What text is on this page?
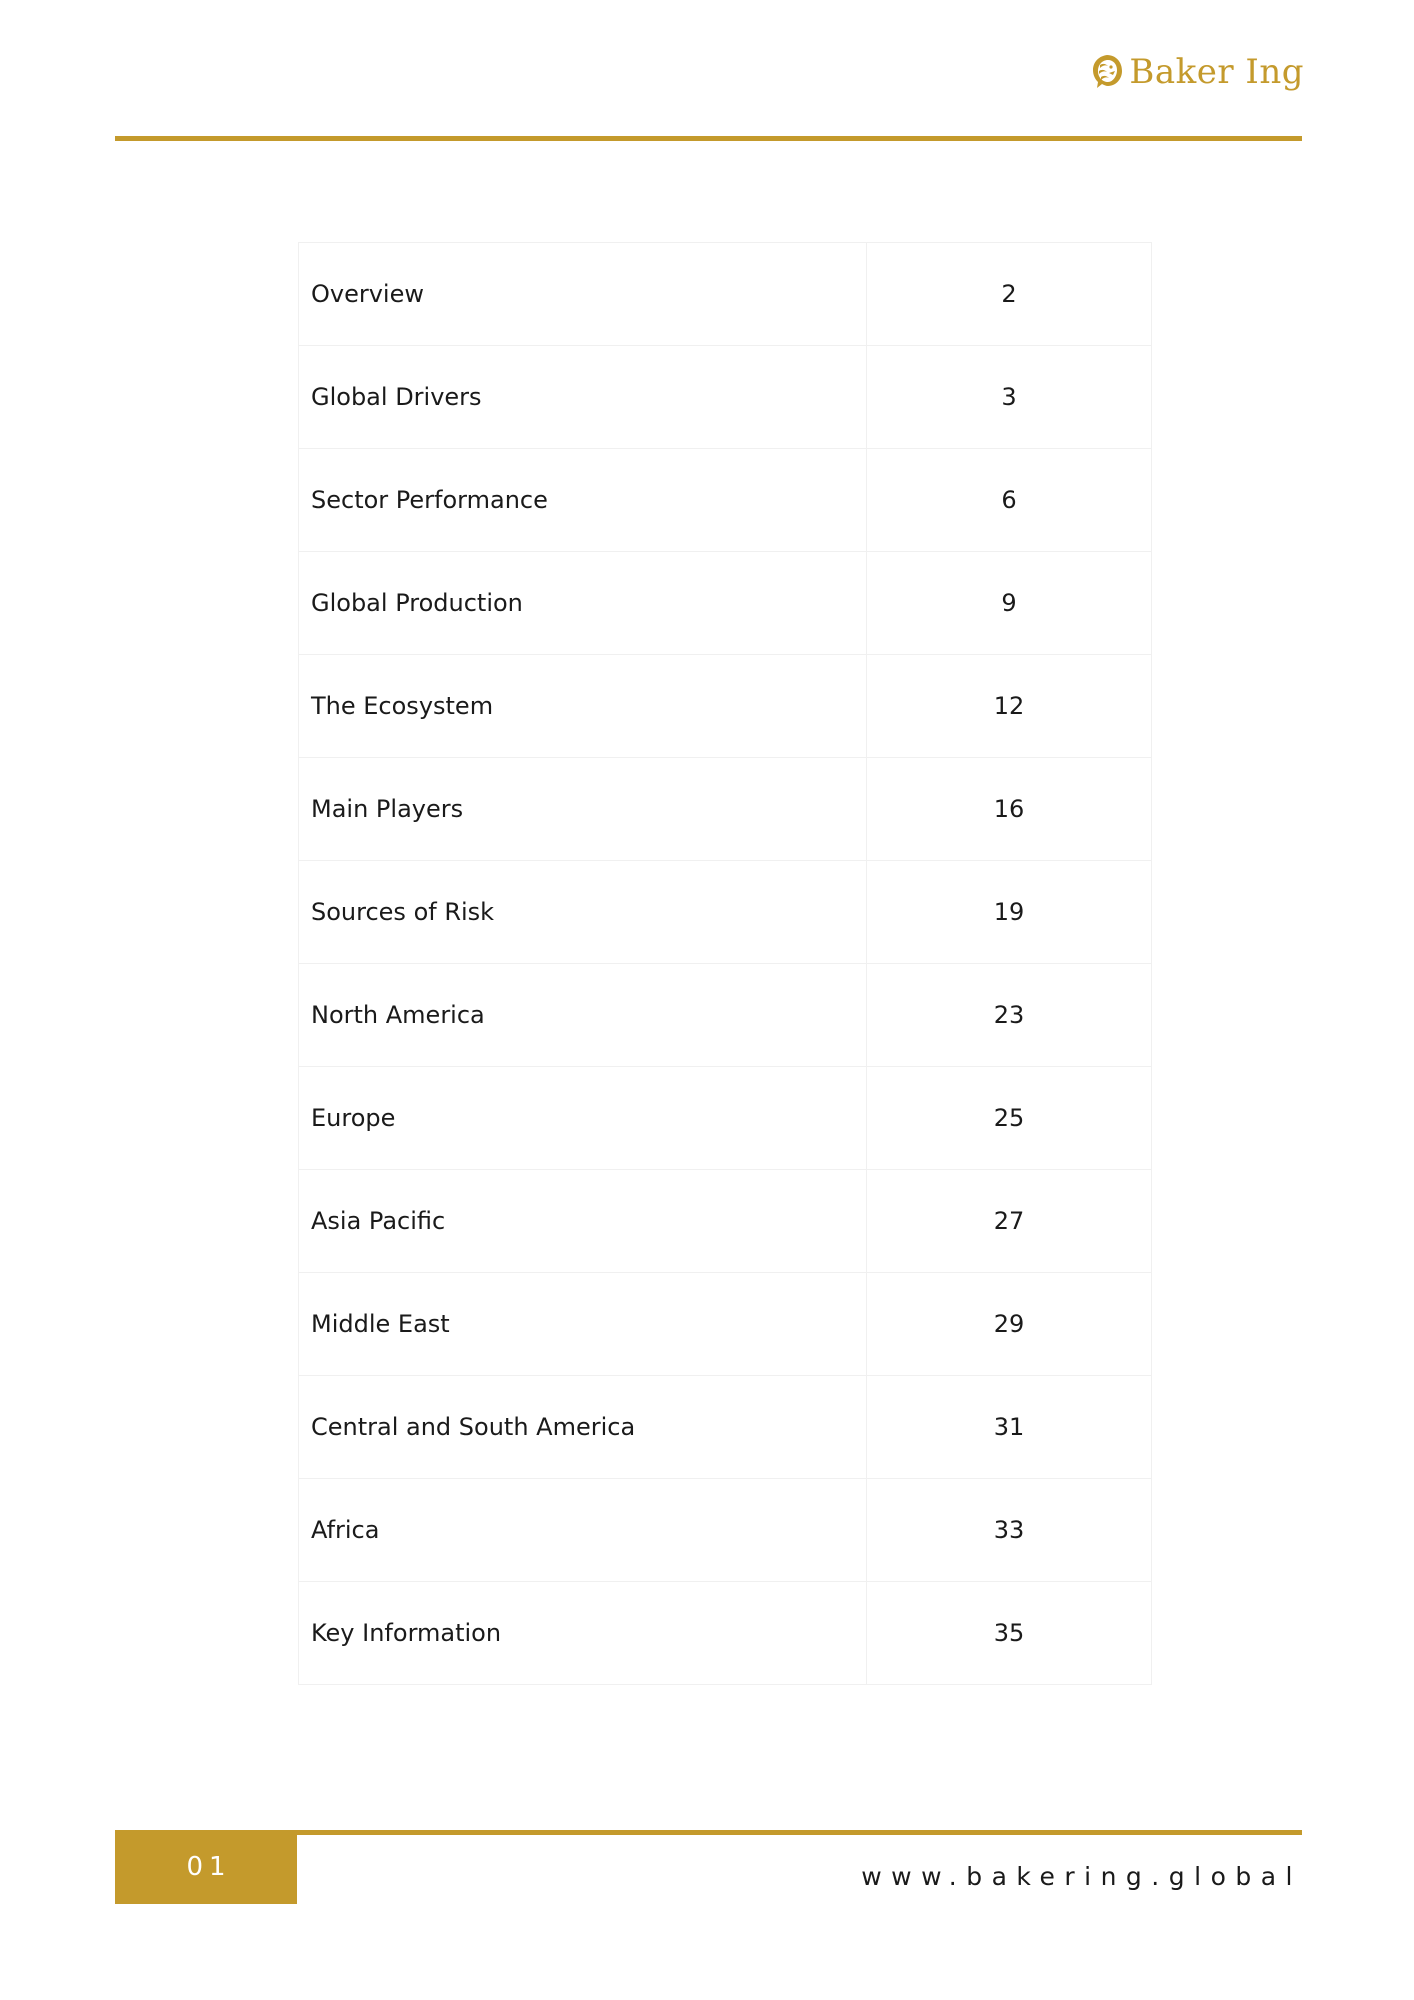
Baker Ing
Overview	2
Global Drivers	3
Sector Performance	6
Global Production	9
The Ecosystem	12
Main Players	16
Sources of Risk	19
North America	23
Europe	25
Asia Pacific	27
Middle East	29
Central and South America	31
Africa	33
Key Information	35
01	www.bakering.global
